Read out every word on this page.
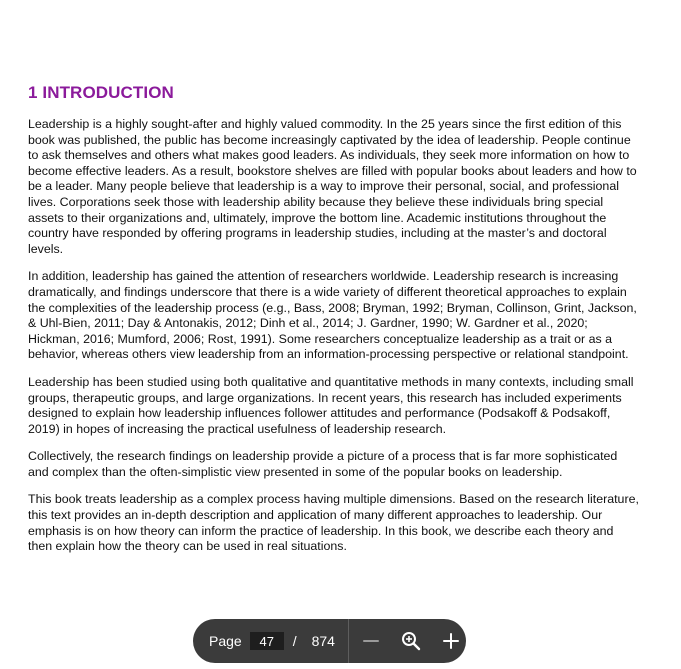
1 INTRODUCTION

Leadership is a highly sought-after and highly valued commodity. In the 25 years since the first edition of this book was published, the public has become increasingly captivated by the idea of leadership. People continue to ask themselves and others what makes good leaders. As individuals, they seek more information on how to become effective leaders. As a result, bookstore shelves are filled with popular books about leaders and how to be a leader. Many people believe that leadership is a way to improve their personal, social, and professional lives. Corporations seek those with leadership ability because they believe these individuals bring special assets to their organizations and, ultimately, improve the bottom line. Academic institutions throughout the country have responded by offering programs in leadership studies, including at the master’s and doctoral levels.

In addition, leadership has gained the attention of researchers worldwide. Leadership research is increasing dramatically, and findings underscore that there is a wide variety of different theoretical approaches to explain the complexities of the leadership process (e.g., Bass, 2008; Bryman, 1992; Bryman, Collinson, Grint, Jackson, & Uhl-Bien, 2011; Day & Antonakis, 2012; Dinh et al., 2014; J. Gardner, 1990; W. Gardner et al., 2020; Hickman, 2016; Mumford, 2006; Rost, 1991). Some researchers conceptualize leadership as a trait or as a behavior, whereas others view leadership from an information-processing perspective or relational standpoint.

Leadership has been studied using both qualitative and quantitative methods in many contexts, including small groups, therapeutic groups, and large organizations. In recent years, this research has included experiments designed to explain how leadership influences follower attitudes and performance (Podsakoff & Podsakoff, 2019) in hopes of increasing the practical usefulness of leadership research.

Collectively, the research findings on leadership provide a picture of a process that is far more sophisticated and complex than the often-simplistic view presented in some of the popular books on leadership.

This book treats leadership as a complex process having multiple dimensions. Based on the research literature, this text provides an in-depth description and application of many different approaches to leadership. Our emphasis is on how theory can inform the practice of leadership. In this book, we describe each theory and then explain how the theory can be used in real situations.

Page
47	/ 874
